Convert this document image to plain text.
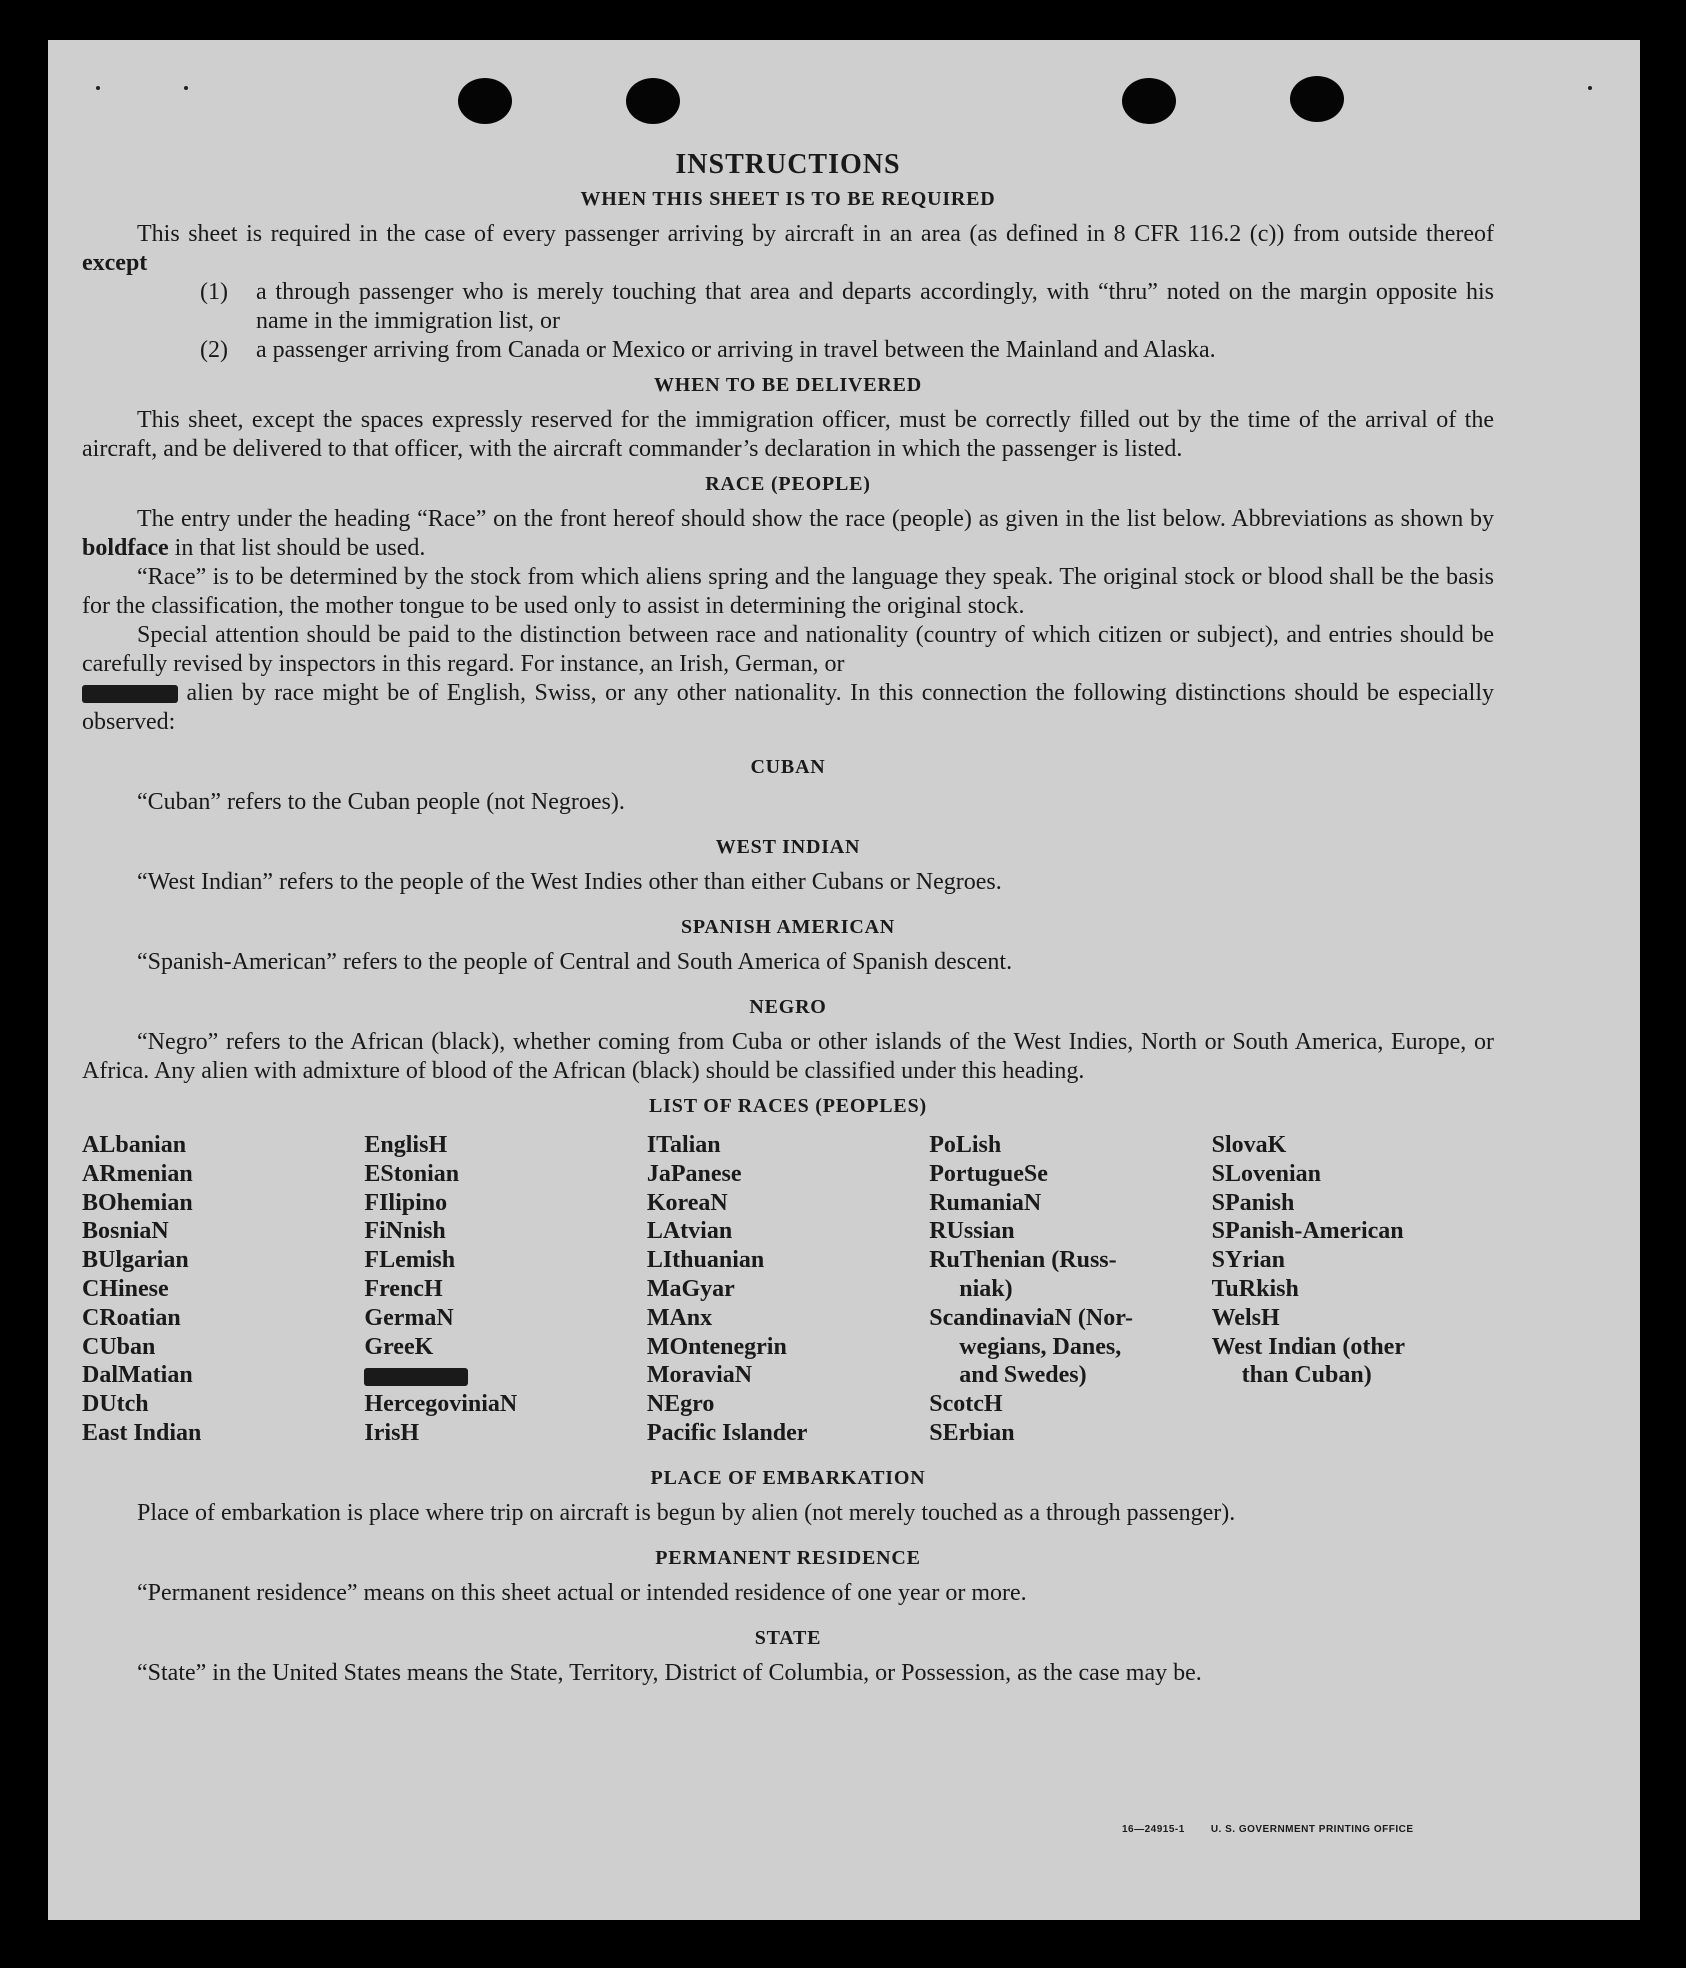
INSTRUCTIONS
WHEN THIS SHEET IS TO BE REQUIRED

This sheet is required in the case of every passenger arriving by aircraft in an area (as defined in 8 CFR 116.2 (c)) from outside thereof except

(1)	a through passenger who is merely touching that area and departs accordingly, with “thru” noted on the margin opposite his name in the immigration list, or
(2)	a passenger arriving from Canada or Mexico or arriving in travel between the Mainland and Alaska.
WHEN TO BE DELIVERED

This sheet, except the spaces expressly reserved for the immigration officer, must be correctly filled out by the time of the arrival of the aircraft, and be delivered to that officer, with the aircraft commander’s declaration in which the passenger is listed.

RACE (PEOPLE)

The entry under the heading “Race” on the front hereof should show the race (people) as given in the list below. Abbreviations as shown by boldface in that list should be used.

“Race” is to be determined by the stock from which aliens spring and the language they speak. The original stock or blood shall be the basis for the classification, the mother tongue to be used only to assist in determining the original stock.

Special attention should be paid to the distinction between race and nationality (country of which citizen or subject), and entries should be carefully revised by inspectors in this regard. For instance, an Irish, German, or
alien by race might be of English, Swiss, or any other nationality. In this connection the following distinctions should be especially observed:

CUBAN

“Cuban” refers to the Cuban people (not Negroes).

WEST INDIAN

“West Indian” refers to the people of the West Indies other than either Cubans or Negroes.

SPANISH AMERICAN

“Spanish-American” refers to the people of Central and South America of Spanish descent.

NEGRO

“Negro” refers to the African (black), whether coming from Cuba or other islands of the West Indies, North or South America, Europe, or Africa. Any alien with admixture of blood of the African (black) should be classified under this heading.

LIST OF RACES (PEOPLES)
ALbanian
ARmenian
BOhemian
BosniaN
BUlgarian
CHinese
CRoatian
CUban
DalMatian
DUtch
East Indian
EnglisH
EStonian
FIlipino
FiNnish
FLemish
FrencH
GermaN
GreeK
HercegoviniaN
IrisH
ITalian
JaPanese
KoreaN
LAtvian
LIthuanian
MaGyar
MAnx
MOntenegrin
MoraviaN
NEgro
Pacific Islander
PoLish
PortugueSe
RumaniaN
RUssian
RuThenian (Russ-
niak)
ScandinaviaN (Nor-
wegians, Danes,
and Swedes)
ScotcH
SErbian
SlovaK
SLovenian
SPanish
SPanish-American
SYrian
TuRkish
WelsH
West Indian (other
than Cuban)
PLACE OF EMBARKATION

Place of embarkation is place where trip on aircraft is begun by alien (not merely touched as a through passenger).

PERMANENT RESIDENCE

“Permanent residence” means on this sheet actual or intended residence of one year or more.

STATE

“State” in the United States means the State, Territory, District of Columbia, or Possession, as the case may be.

16—24915-1	U. S. GOVERNMENT PRINTING OFFICE
